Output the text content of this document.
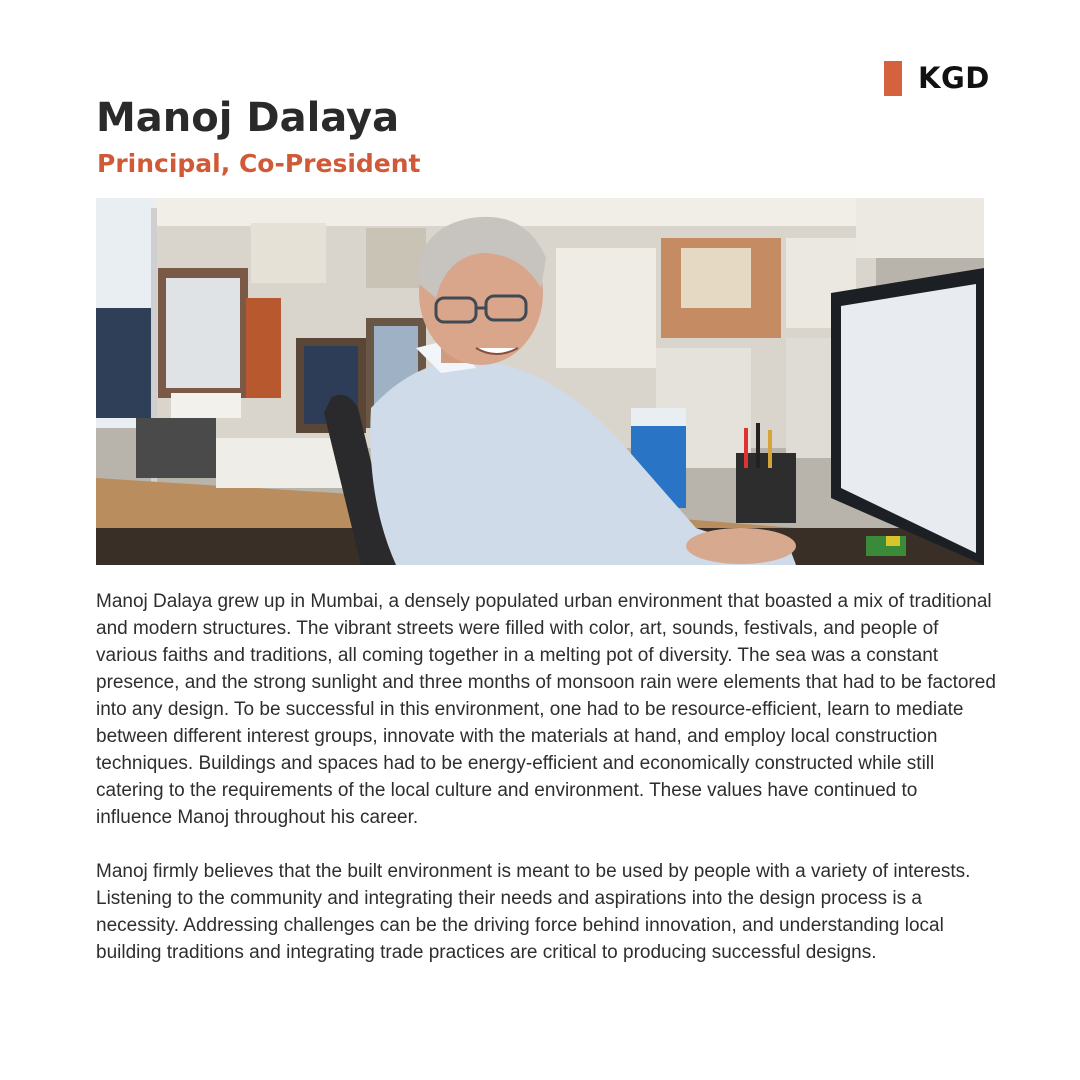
KGD
Manoj Dalaya
Principal, Co-President

Manoj Dalaya grew up in Mumbai, a densely populated urban environment that boasted a mix of traditional and modern structures. The vibrant streets were filled with color, art, sounds, festivals, and people of various faiths and traditions, all coming together in a melting pot of diversity. The sea was a constant presence, and the strong sunlight and three months of monsoon rain were elements that had to be factored into any design. To be successful in this environment, one had to be resource-efficient, learn to mediate between different interest groups, innovate with the materials at hand, and employ local construction techniques. Buildings and spaces had to be energy-efficient and economically constructed while still catering to the requirements of the local culture and environment. These values have continued to influence Manoj throughout his career.

Manoj firmly believes that the built environment is meant to be used by people with a variety of interests. Listening to the community and integrating their needs and aspirations into the design process is a necessity. Addressing challenges can be the driving force behind innovation, and understanding local building traditions and integrating trade practices are critical to producing successful designs.
